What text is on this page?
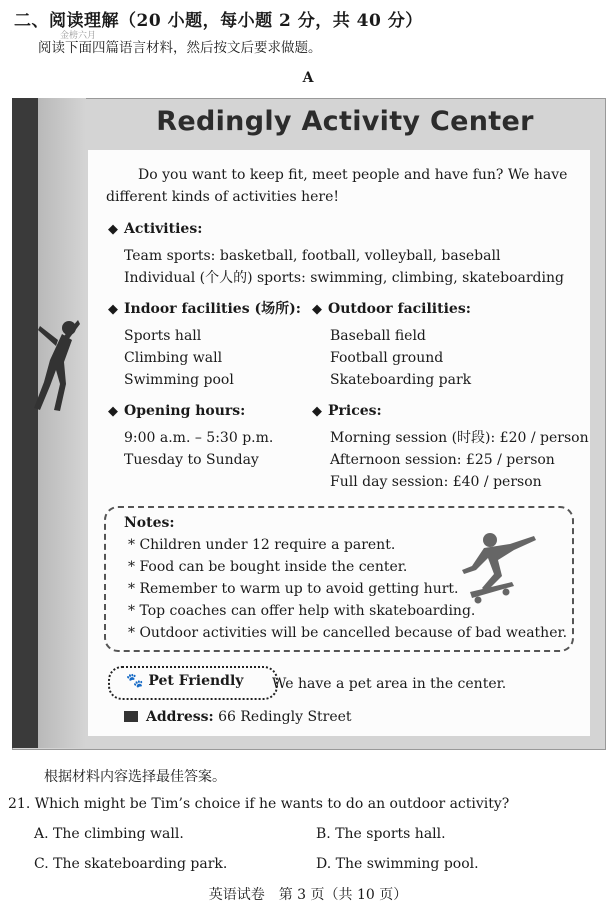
二、阅读理解（20 小题，每小题 2 分，共 40 分）
金榜六月
阅读下面四篇语言材料，然后按文后要求做题。
A
Redingly Activity Center
Do you want to keep fit, meet people and have fun? We have
different kinds of activities here!
◆ Activities:
Team sports: basketball, football, volleyball, baseball
Individual (个人的) sports: swimming, climbing, skateboarding
◆ Indoor facilities (场所):
Sports hall
Climbing wall
Swimming pool
◆ Outdoor facilities:
Baseball field
Football ground
Skateboarding park
◆ Opening hours:
9:00 a.m. – 5:30 p.m.
Tuesday to Sunday
◆ Prices:
Morning session (时段): £20 / person
Afternoon session: £25 / person
Full day session: £40 / person
Notes:
* Children under 12 require a parent.
* Food can be bought inside the center.
* Remember to warm up to avoid getting hurt.
* Top coaches can offer help with skateboarding.
* Outdoor activities will be cancelled because of bad weather.
🐾 Pet Friendly We have a pet area in the center.
Address: 66 Redingly Street
根据材料内容选择最佳答案。
21. Which might be Tim’s choice if he wants to do an outdoor activity?
A. The climbing wall.	B. The sports hall.
C. The skateboarding park.	D. The swimming pool.
英语试卷　第 3 页（共 10 页）
